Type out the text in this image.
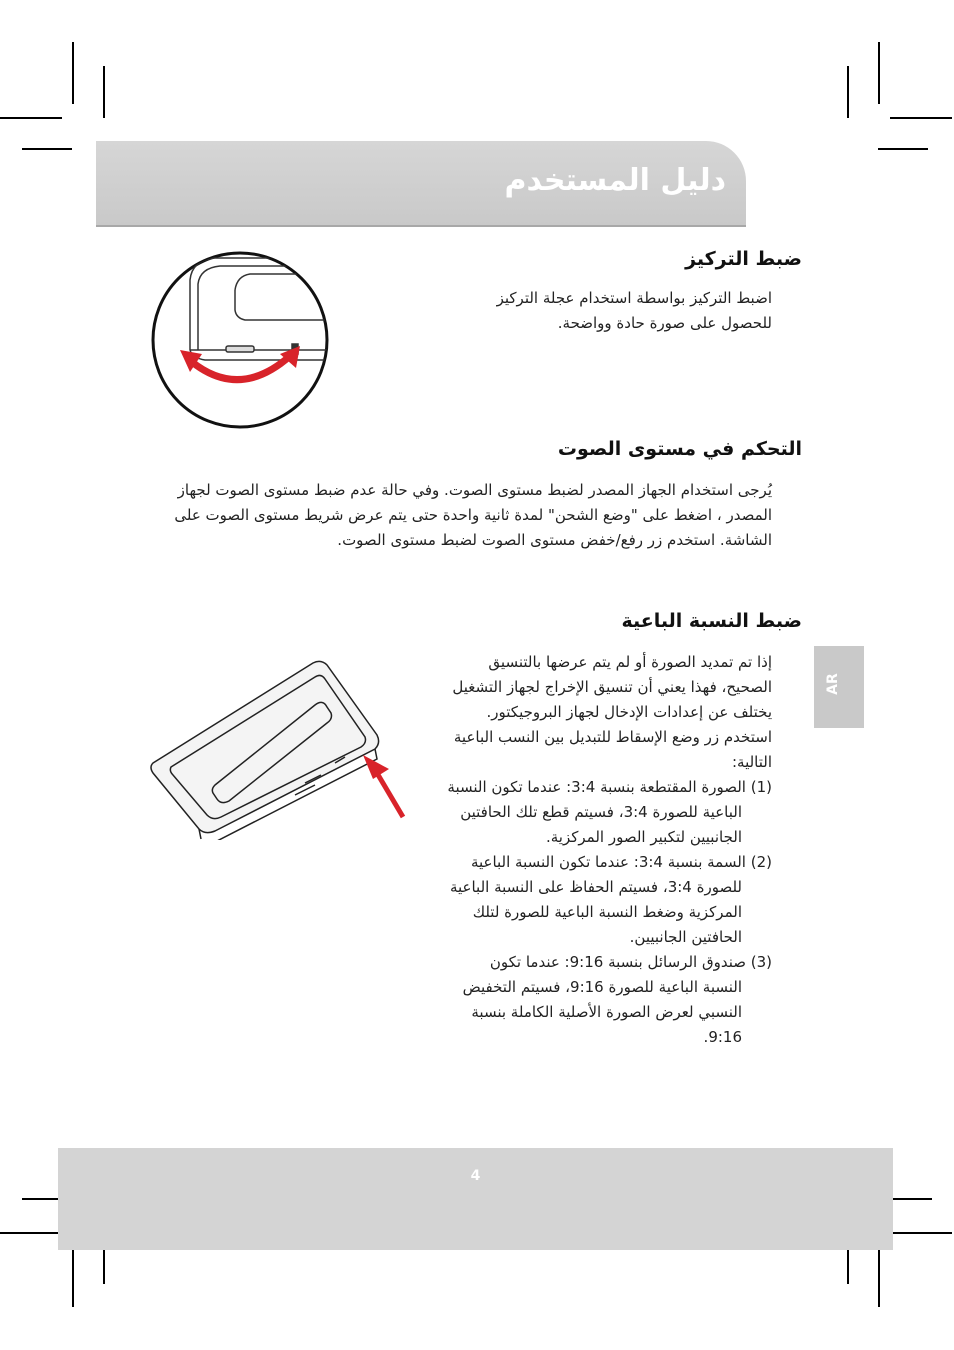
دليل المستخدم
ضبط التركيز

اضبط التركيز بواسطة استخدام عجلة التركيز

للحصول على صورة حادة وواضحة.

التحكم في مستوى الصوت

يُرجى استخدام الجهاز المصدر لضبط مستوى الصوت. وفي حالة عدم ضبط مستوى الصوت لجهاز

المصدر ، اضغط على "وضع الشحن" لمدة ثانية واحدة حتى يتم عرض شريط مستوى الصوت على

الشاشة. استخدم زر رفع/خفض مستوى الصوت لضبط مستوى الصوت.

ضبط النسبة الباعية

إذا تم تمديد الصورة أو لم يتم عرضها بالتنسيق

الصحيح، فهذا يعني أن تنسيق الإخراج لجهاز التشغيل

يختلف عن إعدادات الإدخال لجهاز البروجيكتور.

استخدم زر وضع الإسقاط للتبديل بين النسب الباعية

التالية:

(1) الصورة المقتطعة بنسبة 3:4: عندما تكون النسبة

الباعية للصورة 3:4، فسيتم قطع تلك الحافتين

الجانبيين لتكبير الصور المركزية.

(2) السمة بنسبة 3:4: عندما تكون النسبة الباعية

للصورة 3:4، فسيتم الحفاظ على النسبة الباعية

المركزية وضغط النسبة الباعية للصورة لتلك

الحافتين الجانبيين.

(3) صندوق الرسائل بنسبة 9:16: عندما تكون

النسبة الباعية للصورة 9:16، فسيتم التخفيض

النسبي لعرض الصورة الأصلية الكاملة بنسبة

9:16.

AR
4
